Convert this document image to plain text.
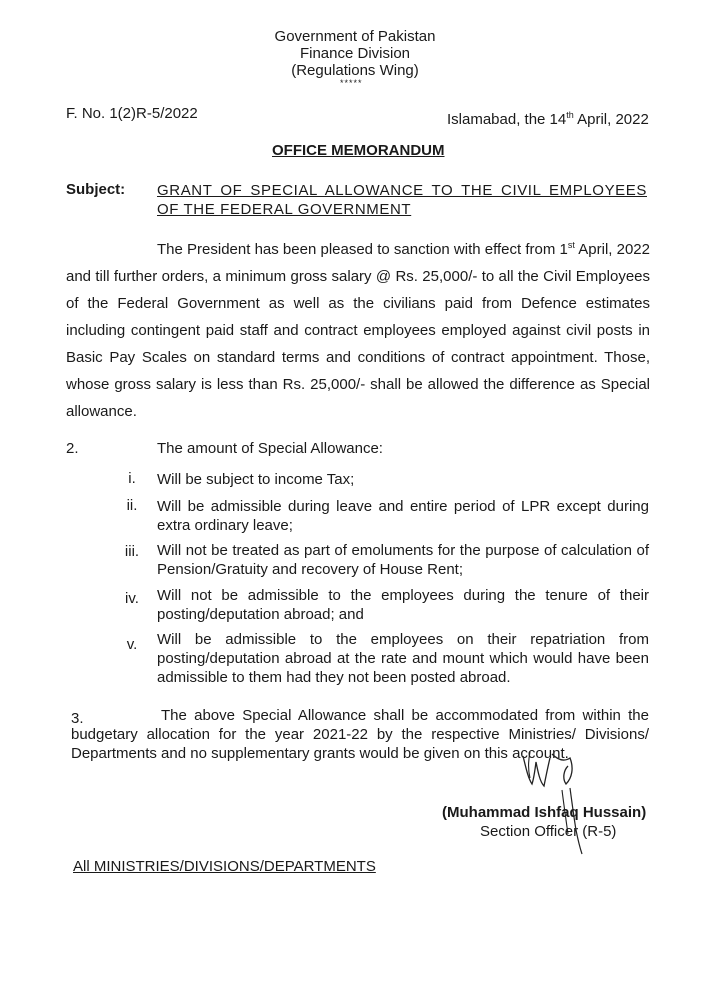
Government of Pakistan
Finance Division
(Regulations Wing)
*****
F. No. 1(2)R-5/2022	Islamabad, the 14th April, 2022
OFFICE MEMORANDUM
Subject: GRANT OF SPECIAL ALLOWANCE TO THE CIVIL EMPLOYEES OF THE FEDERAL GOVERNMENT
The President has been pleased to sanction with effect from 1st April, 2022 and till further orders, a minimum gross salary @ Rs. 25,000/- to all the Civil Employees of the Federal Government as well as the civilians paid from Defence estimates including contingent paid staff and contract employees employed against civil posts in Basic Pay Scales on standard terms and conditions of contract appointment. Those, whose gross salary is less than Rs. 25,000/- shall be allowed the difference as Special allowance.
2.	The amount of Special Allowance:
i.	Will be subject to income Tax;
ii.	Will be admissible during leave and entire period of LPR except during extra ordinary leave;
iii.	Will not be treated as part of emoluments for the purpose of calculation of Pension/Gratuity and recovery of House Rent;
iv.	Will not be admissible to the employees during the tenure of their posting/deputation abroad; and
v.	Will be admissible to the employees on their repatriation from posting/deputation abroad at the rate and mount which would have been admissible to them had they not been posted abroad.
The above Special Allowance shall be accommodated from within the budgetary allocation for the year 2021-22 by the respective Ministries/ Divisions/ Departments and no supplementary grants would be given on this account.
3.
(Muhammad Ishfaq Hussain)
Section Officer (R-5)
All MINISTRIES/DIVISIONS/DEPARTMENTS
